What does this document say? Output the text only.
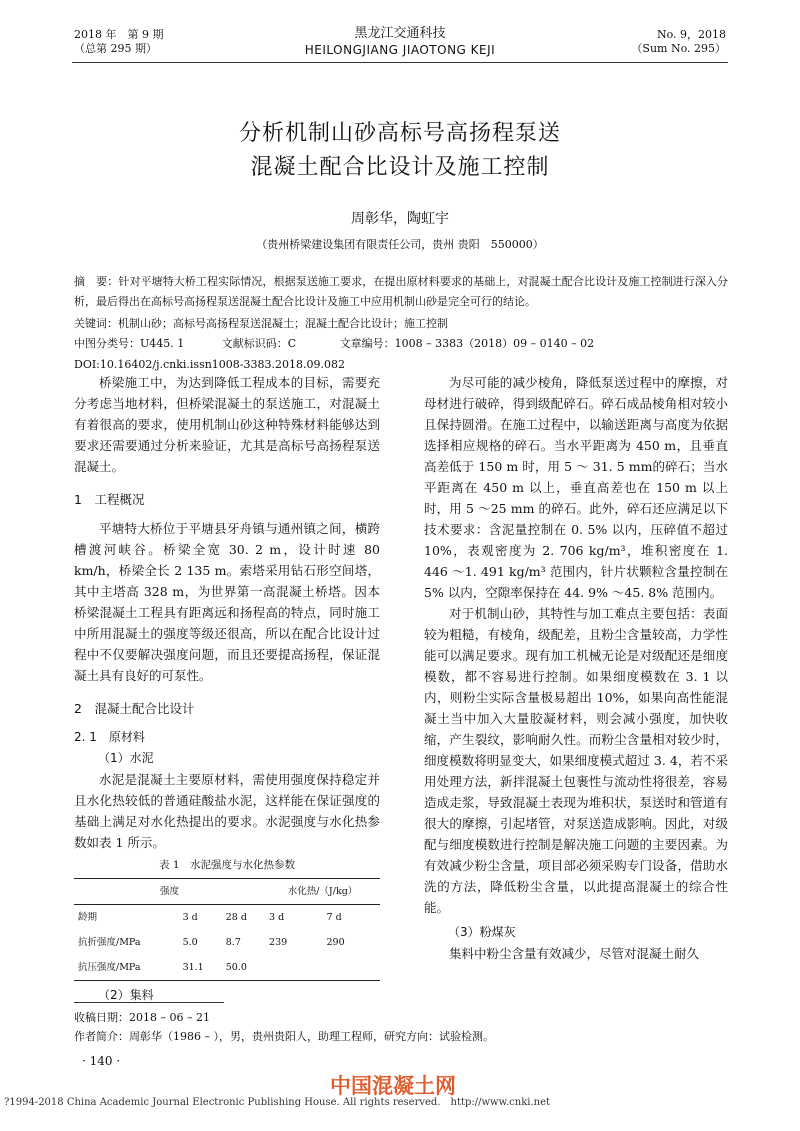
2018 年　第 9 期
（总第 295 期）
黑龙江交通科技
HEILONGJIANG JIAOTONG KEJI
No. 9，2018
（Sum No. 295）
分析机制山砂高标号高扬程泵送
混凝土配合比设计及施工控制
周彰华，陶虹宇
（贵州桥梁建设集团有限责任公司，贵州 贵阳　550000）
摘　要：针对平塘特大桥工程实际情况，根据泵送施工要求，在提出原材料要求的基础上，对混凝土配合比设计及施工控制进行深入分析，最后得出在高标号高扬程泵送混凝土配合比设计及施工中应用机制山砂是完全可行的结论。
关键词：机制山砂；高标号高扬程泵送混凝土；混凝土配合比设计；施工控制
中图分类号：U445. 1	文献标识码：C	文章编号：1008 – 3383（2018）09 – 0140 – 02
DOI:10.16402/j.cnki.issn1008-3383.2018.09.082

桥梁施工中，为达到降低工程成本的目标，需要充分考虑当地材料，但桥梁混凝土的泵送施工，对混凝土有着很高的要求，使用机制山砂这种特殊材料能够达到要求还需要通过分析来验证，尤其是高标号高扬程泵送混凝土。

1　工程概况

平塘特大桥位于平塘县牙舟镇与通州镇之间，横跨槽渡河峡谷。桥梁全宽 30. 2 m，设计时速 80 km/h，桥梁全长 2 135 m。索塔采用钻石形空间塔，其中主塔高 328 m，为世界第一高混凝土桥塔。因本桥梁混凝土工程具有距离远和扬程高的特点，同时施工中所用混凝土的强度等级还很高，所以在配合比设计过程中不仅要解决强度问题，而且还要提高扬程，保证混凝土具有良好的可泵性。

2　混凝土配合比设计
2. 1　原材料
（1）水泥

水泥是混凝土主要原材料，需使用强度保持稳定并且水化热较低的普通硅酸盐水泥，这样能在保证强度的基础上满足对水化热提出的要求。水泥强度与水化热参数如表 1 所示。

表 1　水泥强度与水化热参数
强度			水化热/（J/kg）	
龄期	3 d	28 d	3 d	7 d
抗折强度/MPa	5.0	8.7	239	290
抗压强度/MPa	31.1	50.0		
（2）集料

为尽可能的减少棱角，降低泵送过程中的摩擦，对母材进行破碎，得到级配碎石。碎石成品棱角相对较小且保持圆滑。在施工过程中，以输送距离与高度为依据选择相应规格的碎石。当水平距离为 450 m，且垂直高差低于 150 m 时，用 5 ～ 31. 5 mm的碎石；当水平距离在 450 m 以上，垂直高差也在 150 m 以上时，用 5 ～25 mm 的碎石。此外，碎石还应满足以下技术要求：含泥量控制在 0. 5% 以内，压碎值不超过 10%，表观密度为 2. 706 kg/m³，堆积密度在 1. 446 ～1. 491 kg/m³ 范围内，针片状颗粒含量控制在 5% 以内，空隙率保持在 44. 9% ～45. 8% 范围内。

对于机制山砂，其特性与加工难点主要包括：表面较为粗糙，有棱角，级配差，且粉尘含量较高，力学性能可以满足要求。现有加工机械无论是对级配还是细度模数，都不容易进行控制。如果细度模数在 3. 1 以内，则粉尘实际含量极易超出 10%，如果向高性能混凝土当中加入大量胶凝材料，则会减小强度，加快收缩，产生裂纹，影响耐久性。而粉尘含量相对较少时，细度模数将明显变大，如果细度模式超过 3. 4，若不采用处理方法，新拌混凝土包裹性与流动性将很差，容易造成走浆，导致混凝土表现为堆积状，泵送时和管道有很大的摩擦，引起堵管，对泵送造成影响。因此，对级配与细度模数进行控制是解决施工问题的主要因素。为有效减少粉尘含量，项目部必须采购专门设备，借助水洗的方法，降低粉尘含量，以此提高混凝土的综合性能。

（3）粉煤灰

集料中粉尘含量有效减少，尽管对混凝土耐久

收稿日期：2018 – 06 – 21
作者简介：周彰华（1986 – ），男，贵州贵阳人，助理工程师，研究方向：试验检测。
· 140 ·
中国混凝土网
?1994-2018 China Academic Journal Electronic Publishing House. All rights reserved.　http://www.cnki.net
